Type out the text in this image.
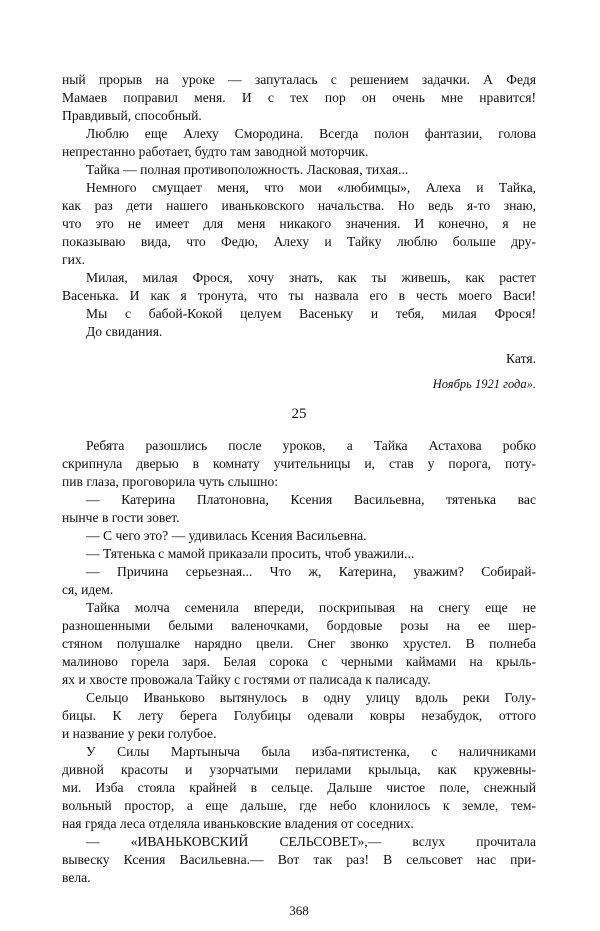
ный прорыв на уроке — запуталась с решением задачки. А Федя
Мамаев поправил меня. И с тех пор он очень мне нравится!
Правдивый, способный.
Люблю еще Алеху Смородина. Всегда полон фантазии, голова
непрестанно работает, будто там заводной моторчик.
Тайка — полная противоположность. Ласковая, тихая...
Немного смущает меня, что мои «любимцы», Алеха и Тайка,
как раз дети нашего иваньковского начальства. Но ведь я-то знаю,
что это не имеет для меня никакого значения. И конечно, я не
показываю вида, что Федю, Алеху и Тайку люблю больше дру-
гих.
Милая, милая Фрося, хочу знать, как ты живешь, как растет
Васенька. И как я тронута, что ты назвала его в честь моего Васи!
Мы с бабой-Кокой целуем Васеньку и тебя, милая Фрося!
До свидания.
Катя.
Ноябрь 1921 года».
25
Ребята разошлись после уроков, а Тайка Астахова робко
скрипнула дверью в комнату учительницы и, став у порога, поту-
пив глаза, проговорила чуть слышно:
— Катерина Платоновна, Ксения Васильевна, тятенька вас
нынче в гости зовет.
— С чего это? — удивилась Ксения Васильевна.
— Тятенька с мамой приказали просить, чтоб уважили...
— Причина серьезная... Что ж, Катерина, уважим? Собирай-
ся, идем.
Тайка молча семенила впереди, поскрипывая на снегу еще не
разношенными белыми валеночками, бордовые розы на ее шер-
стяном полушалке нарядно цвели. Снег звонко хрустел. В полнеба
малиново горела заря. Белая сорока с черными каймами на крыль-
ях и хвосте провожала Тайку с гостями от палисада к палисаду.
Сельцо Иваньково вытянулось в одну улицу вдоль реки Голу-
бицы. К лету берега Голубицы одевали ковры незабудок, оттого
и название у реки голубое.
У Силы Мартыныча была изба-пятистенка, с наличниками
дивной красоты и узорчатыми перилами крыльца, как кружевны-
ми. Изба стояла крайней в сельце. Дальше чистое поле, снежный
вольный простор, а еще дальше, где небо клонилось к земле, тем-
ная гряда леса отделяла иваньковские владения от соседних.
— «ИВАНЬКОВСКИЙ СЕЛЬСОВЕТ»,— вслух прочитала
вывеску Ксения Васильевна.— Вот так раз! В сельсовет нас при-
вела.
368
